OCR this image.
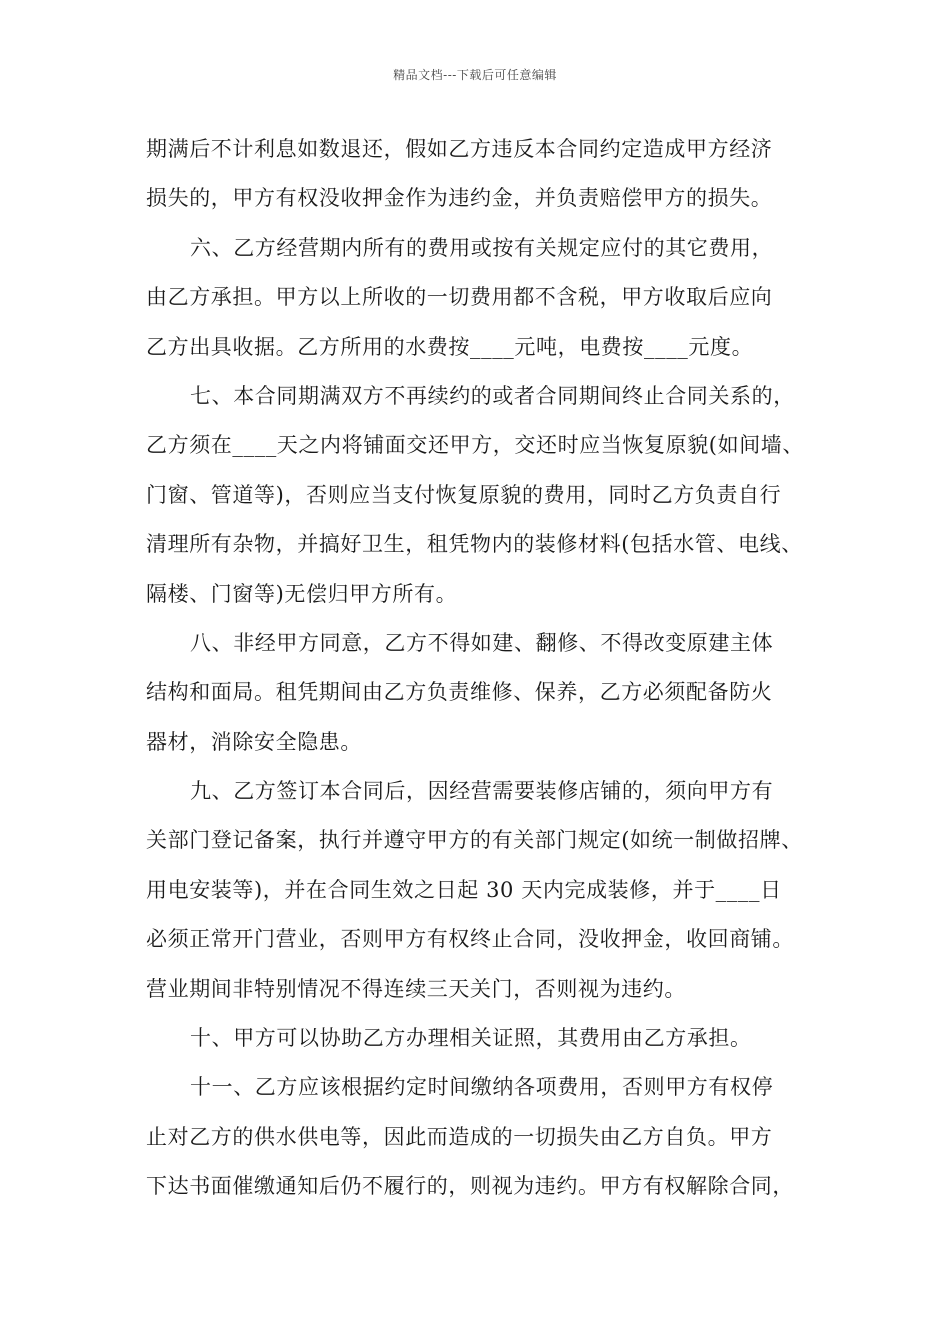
精品文档---下载后可任意编辑
期满后不计利息如数退还，假如乙方违反本合同约定造成甲方经济
损失的，甲方有权没收押金作为违约金，并负责赔偿甲方的损失。
六、乙方经营期内所有的费用或按有关规定应付的其它费用，
由乙方承担。甲方以上所收的一切费用都不含税，甲方收取后应向
乙方出具收据。乙方所用的水费按____元吨，电费按____元度。
七、本合同期满双方不再续约的或者合同期间终止合同关系的，
乙方须在____天之内将铺面交还甲方，交还时应当恢复原貌(如间墙、
门窗、管道等)，否则应当支付恢复原貌的费用，同时乙方负责自行
清理所有杂物，并搞好卫生，租凭物内的装修材料(包括水管、电线、
隔楼、门窗等)无偿归甲方所有。
八、非经甲方同意，乙方不得如建、翻修、不得改变原建主体
结构和面局。租凭期间由乙方负责维修、保养，乙方必须配备防火
器材，消除安全隐患。
九、乙方签订本合同后，因经营需要装修店铺的，须向甲方有
关部门登记备案，执行并遵守甲方的有关部门规定(如统一制做招牌、
用电安装等)，并在合同生效之日起 30 天内完成装修，并于____日
必须正常开门营业，否则甲方有权终止合同，没收押金，收回商铺。
营业期间非特别情况不得连续三天关门，否则视为违约。
十、甲方可以协助乙方办理相关证照，其费用由乙方承担。
十一、乙方应该根据约定时间缴纳各项费用，否则甲方有权停
止对乙方的供水供电等，因此而造成的一切损失由乙方自负。甲方
下达书面催缴通知后仍不履行的，则视为违约。甲方有权解除合同，
